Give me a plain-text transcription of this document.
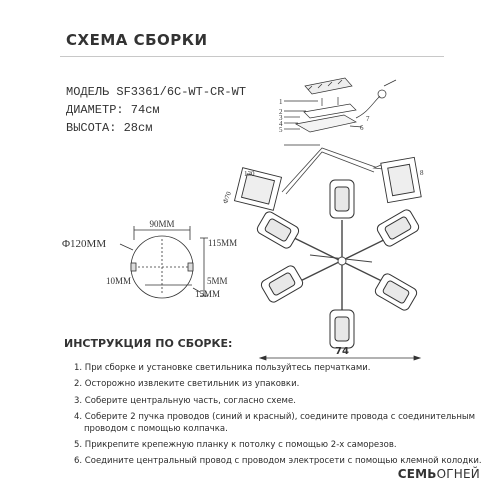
СХЕМА СБОРКИ
МОДЕЛЬ SF3361/6C-WT-CR-WT
ДИАМЕТР: 74см
ВЫСОТА: 28см
90ММ
Φ120ММ	115ММ
10ММ	5ММ
15ММ
1
2
3
4
5	6
7
8
130
Φ70
74
ИНСТРУКЦИЯ ПО СБОРКЕ:
1. При сборке и установке светильника пользуйтесь перчатками.
2. Осторожно извлеките светильник из упаковки.
3. Соберите центральную часть, согласно схеме.
4. Соберите 2 пучка проводов (синий и красный), соедините провода с соединительным
проводом с помощью колпачка.
5. Прикрепите крепежную планку к потолку с помощью 2-х саморезов.
6. Соедините центральный провод с проводом электросети с помощью клемной колодки.
СЕМЬОГНЕЙ
